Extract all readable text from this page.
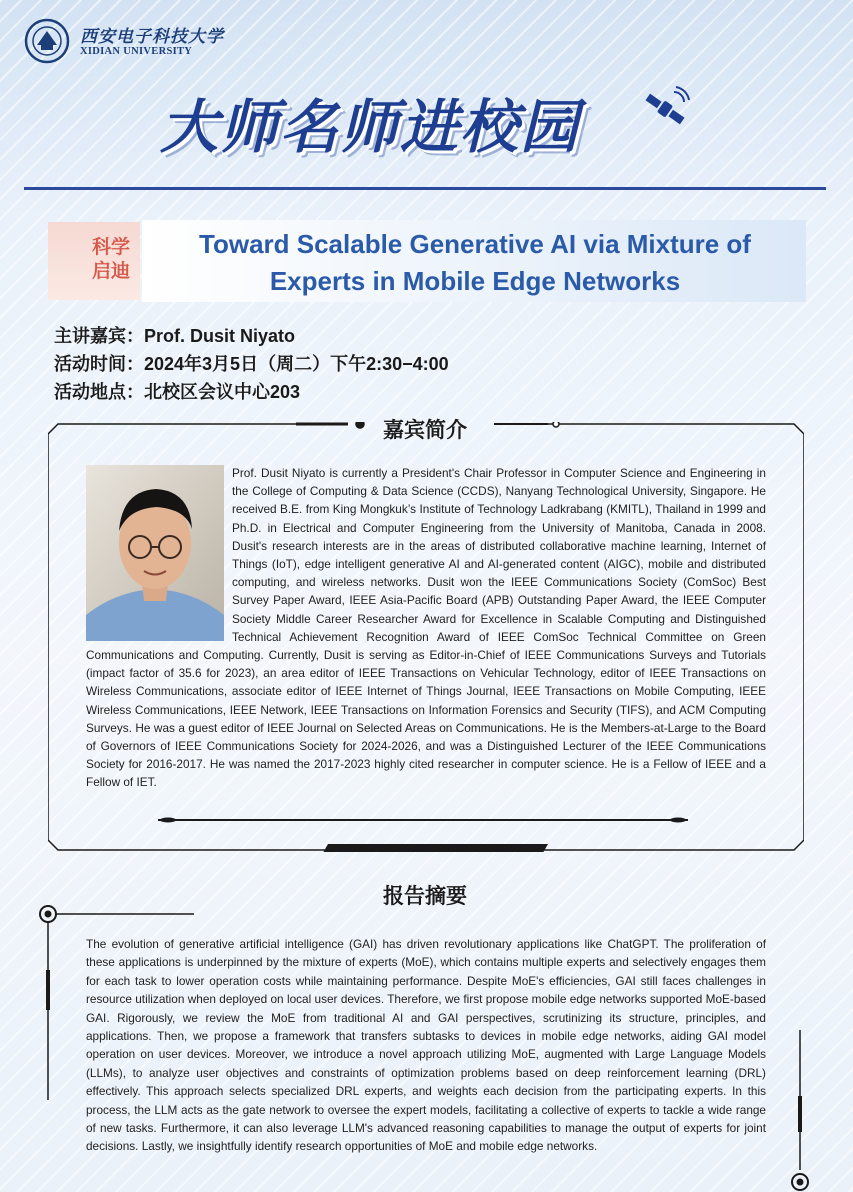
西安电子科技大学
XIDIAN UNIVERSITY
大师名师进校园
科学启迪
Toward Scalable Generative AI via Mixture of Experts in Mobile Edge Networks
主讲嘉宾：Prof. Dusit Niyato
活动时间：2024年3月5日（周二）下午2:30−4:00
活动地点：北校区会议中心203
嘉宾简介
Prof. Dusit Niyato is currently a President's Chair Professor in Computer Science and Engineering in the College of Computing & Data Science (CCDS), Nanyang Technological University, Singapore. He received B.E. from King Mongkuk’s Institute of Technology Ladkrabang (KMITL), Thailand in 1999 and Ph.D. in Electrical and Computer Engineering from the University of Manitoba, Canada in 2008. Dusit's research interests are in the areas of distributed collaborative machine learning, Internet of Things (IoT), edge intelligent generative AI and AI-generated content (AIGC), mobile and distributed computing, and wireless networks. Dusit won the IEEE Communications Society (ComSoc) Best Survey Paper Award, IEEE Asia-Pacific Board (APB) Outstanding Paper Award, the IEEE Computer Society Middle Career Researcher Award for Excellence in Scalable Computing and Distinguished Technical Achievement Recognition Award of IEEE ComSoc Technical Committee on Green Communications and Computing. Currently, Dusit is serving as Editor-in-Chief of IEEE Communications Surveys and Tutorials (impact factor of 35.6 for 2023), an area editor of IEEE Transactions on Vehicular Technology, editor of IEEE Transactions on Wireless Communications, associate editor of IEEE Internet of Things Journal, IEEE Transactions on Mobile Computing, IEEE Wireless Communications, IEEE Network, IEEE Transactions on Information Forensics and Security (TIFS), and ACM Computing Surveys. He was a guest editor of IEEE Journal on Selected Areas on Communications. He is the Members-at-Large to the Board of Governors of IEEE Communications Society for 2024-2026, and was a Distinguished Lecturer of the IEEE Communications Society for 2016-2017. He was named the 2017-2023 highly cited researcher in computer science. He is a Fellow of IEEE and a Fellow of IET.
报告摘要
The evolution of generative artificial intelligence (GAI) has driven revolutionary applications like ChatGPT. The proliferation of these applications is underpinned by the mixture of experts (MoE), which contains multiple experts and selectively engages them for each task to lower operation costs while maintaining performance. Despite MoE's efficiencies, GAI still faces challenges in resource utilization when deployed on local user devices. Therefore, we first propose mobile edge networks supported MoE-based GAI. Rigorously, we review the MoE from traditional AI and GAI perspectives, scrutinizing its structure, principles, and applications. Then, we propose a framework that transfers subtasks to devices in mobile edge networks, aiding GAI model operation on user devices. Moreover, we introduce a novel approach utilizing MoE, augmented with Large Language Models (LLMs), to analyze user objectives and constraints of optimization problems based on deep reinforcement learning (DRL) effectively. This approach selects specialized DRL experts, and weights each decision from the participating experts. In this process, the LLM acts as the gate network to oversee the expert models, facilitating a collective of experts to tackle a wide range of new tasks. Furthermore, it can also leverage LLM's advanced reasoning capabilities to manage the output of experts for joint decisions. Lastly, we insightfully identify research opportunities of MoE and mobile edge networks.
